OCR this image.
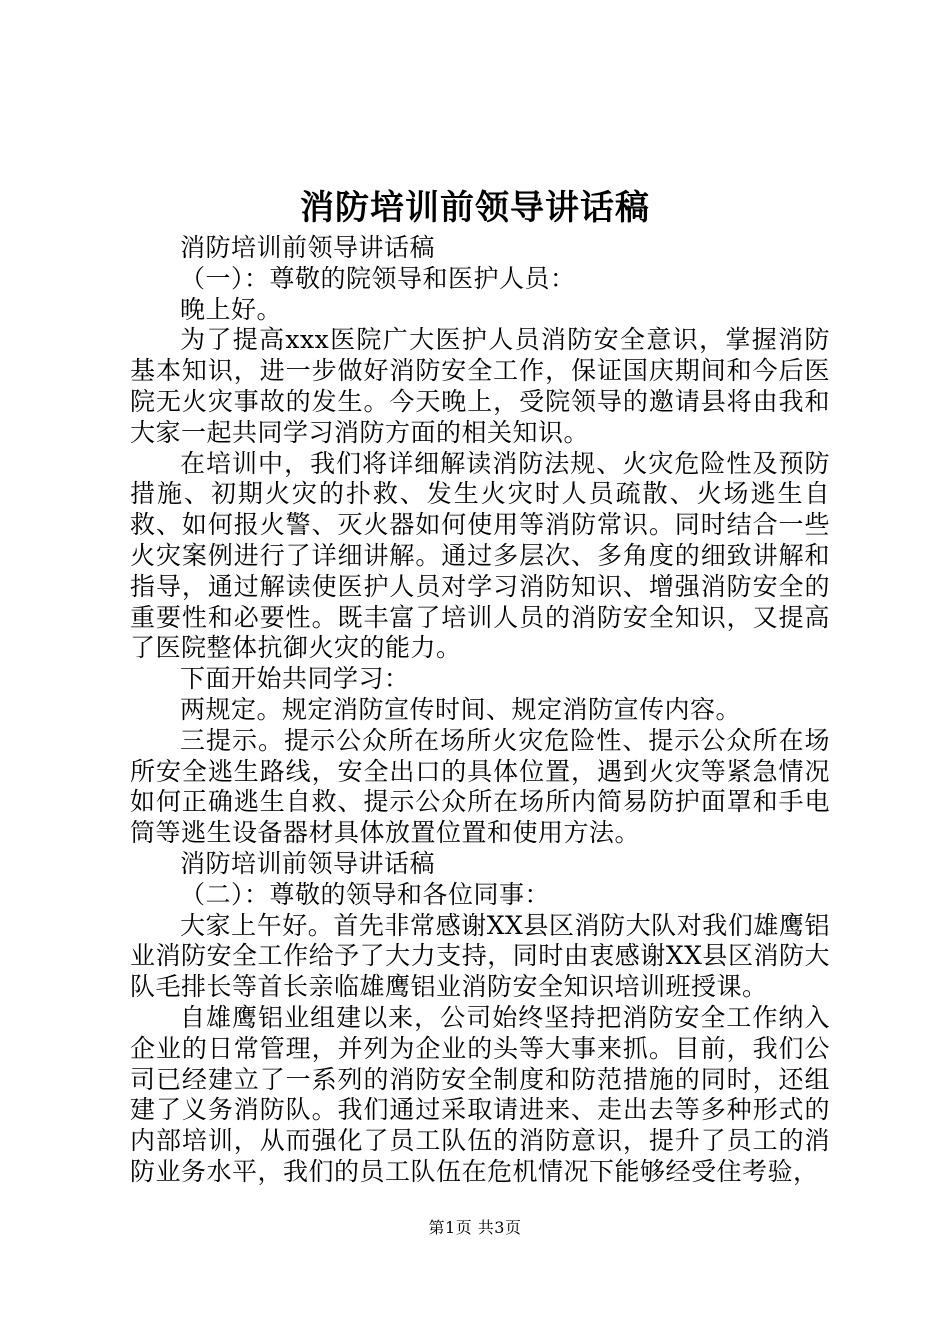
消防培训前领导讲话稿

消防培训前领导讲话稿

（一）：尊敬的院领导和医护人员：

晚上好。

为了提高xxx医院广大医护人员消防安全意识，掌握消防基本知识，进一步做好消防安全工作，保证国庆期间和今后医院无火灾事故的发生。今天晚上，受院领导的邀请县将由我和大家一起共同学习消防方面的相关知识。

在培训中，我们将详细解读消防法规、火灾危险性及预防措施、初期火灾的扑救、发生火灾时人员疏散、火场逃生自救、如何报火警、灭火器如何使用等消防常识。同时结合一些火灾案例进行了详细讲解。通过多层次、多角度的细致讲解和指导，通过解读使医护人员对学习消防知识、增强消防安全的重要性和必要性。既丰富了培训人员的消防安全知识，又提高了医院整体抗御火灾的能力。

下面开始共同学习：

两规定。规定消防宣传时间、规定消防宣传内容。

三提示。提示公众所在场所火灾危险性、提示公众所在场所安全逃生路线，安全出口的具体位置，遇到火灾等紧急情况如何正确逃生自救、提示公众所在场所内简易防护面罩和手电筒等逃生设备器材具体放置位置和使用方法。

消防培训前领导讲话稿

（二）：尊敬的领导和各位同事：

大家上午好。首先非常感谢XX县区消防大队对我们雄鹰铝业消防安全工作给予了大力支持，同时由衷感谢XX县区消防大队毛排长等首长亲临雄鹰铝业消防安全知识培训班授课。

自雄鹰铝业组建以来，公司始终坚持把消防安全工作纳入企业的日常管理，并列为企业的头等大事来抓。目前，我们公司已经建立了一系列的消防安全制度和防范措施的同时，还组建了义务消防队。我们通过采取请进来、走出去等多种形式的内部培训，从而强化了员工队伍的消防意识，提升了员工的消防业务水平，我们的员工队伍在危机情况下能够经受住考验，

第1页 共3页
